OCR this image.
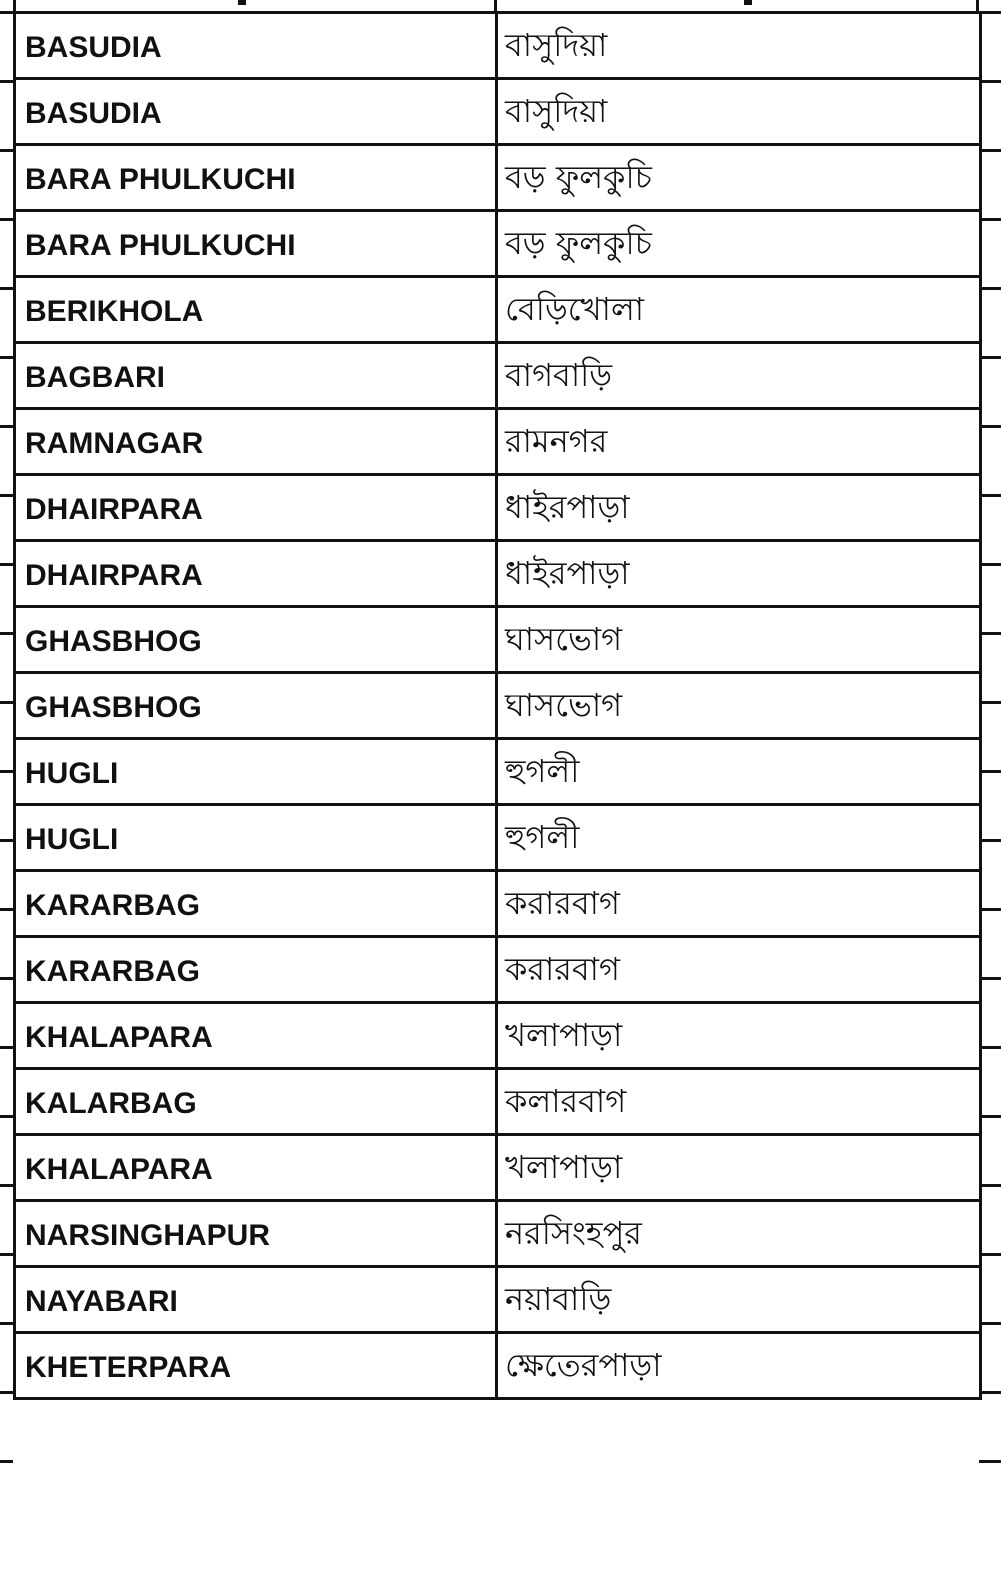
BASUDIA	বাসুদিয়া
BASUDIA	বাসুদিয়া
BARA PHULKUCHI	বড় ফুলকুচি
BARA PHULKUCHI	বড় ফুলকুচি
BERIKHOLA	বেড়িখোলা
BAGBARI	বাগবাড়ি
RAMNAGAR	রামনগর
DHAIRPARA	ধাইরপাড়া
DHAIRPARA	ধাইরপাড়া
GHASBHOG	ঘাসভোগ
GHASBHOG	ঘাসভোগ
HUGLI	হুগলী
HUGLI	হুগলী
KARARBAG	করারবাগ
KARARBAG	করারবাগ
KHALAPARA	খলাপাড়া
KALARBAG	কলারবাগ
KHALAPARA	খলাপাড়া
NARSINGHAPUR	নরসিংহপুর
NAYABARI	নয়াবাড়ি
KHETERPARA	ক্ষেতেরপাড়া
